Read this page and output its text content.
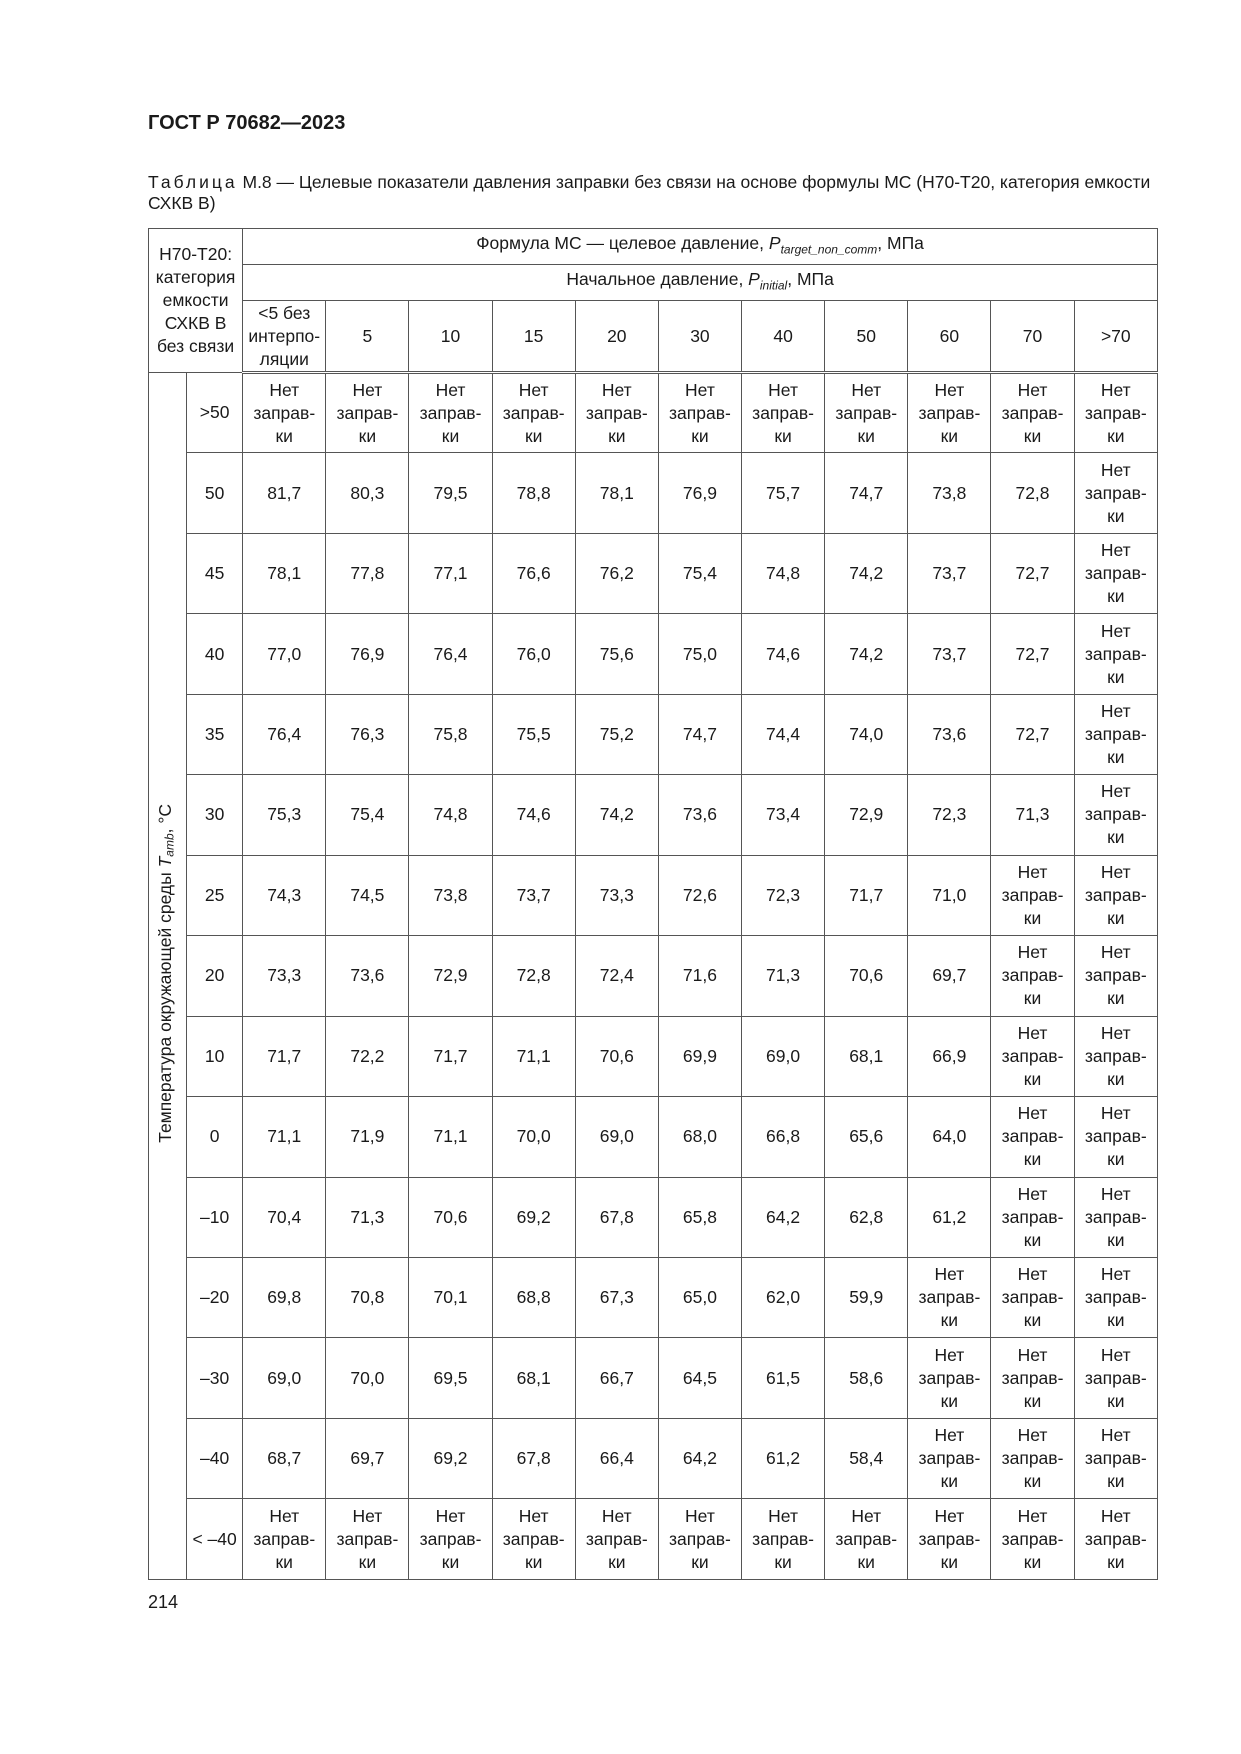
ГОСТ Р 70682—2023
Таблица М.8 — Целевые показатели давления заправки без связи на основе формулы МС (Н70-Т20, категория емкости СХКВ В)
Н70-Т20: категория емкости СХКВ В без связи		Формула МС — целевое давление, $P_{target\_non\_comm}$, МПа										
		Начальное давление, $P_{initial}$, МПа										
		<5 без интерпо-ляции	5	10	15	20	30	40	50	60	70	>70
Температура окружающей среды $T_{amb}$, °C	>50	Нет заправ-ки	Нет заправ-ки	Нет заправ-ки	Нет заправ-ки	Нет заправ-ки	Нет заправ-ки	Нет заправ-ки	Нет заправ-ки	Нет заправ-ки	Нет заправ-ки	Нет заправ-ки
	50	81,7	80,3	79,5	78,8	78,1	76,9	75,7	74,7	73,8	72,8	Нет заправ-ки
	45	78,1	77,8	77,1	76,6	76,2	75,4	74,8	74,2	73,7	72,7	Нет заправ-ки
	40	77,0	76,9	76,4	76,0	75,6	75,0	74,6	74,2	73,7	72,7	Нет заправ-ки
	35	76,4	76,3	75,8	75,5	75,2	74,7	74,4	74,0	73,6	72,7	Нет заправ-ки
	30	75,3	75,4	74,8	74,6	74,2	73,6	73,4	72,9	72,3	71,3	Нет заправ-ки
	25	74,3	74,5	73,8	73,7	73,3	72,6	72,3	71,7	71,0	Нет заправ-ки	Нет заправ-ки
	20	73,3	73,6	72,9	72,8	72,4	71,6	71,3	70,6	69,7	Нет заправ-ки	Нет заправ-ки
	10	71,7	72,2	71,7	71,1	70,6	69,9	69,0	68,1	66,9	Нет заправ-ки	Нет заправ-ки
	0	71,1	71,9	71,1	70,0	69,0	68,0	66,8	65,6	64,0	Нет заправ-ки	Нет заправ-ки
	–10	70,4	71,3	70,6	69,2	67,8	65,8	64,2	62,8	61,2	Нет заправ-ки	Нет заправ-ки
	–20	69,8	70,8	70,1	68,8	67,3	65,0	62,0	59,9	Нет заправ-ки	Нет заправ-ки	Нет заправ-ки
	–30	69,0	70,0	69,5	68,1	66,7	64,5	61,5	58,6	Нет заправ-ки	Нет заправ-ки	Нет заправ-ки
	–40	68,7	69,7	69,2	67,8	66,4	64,2	61,2	58,4	Нет заправ-ки	Нет заправ-ки	Нет заправ-ки
	< –40	Нет заправ-ки	Нет заправ-ки	Нет заправ-ки	Нет заправ-ки	Нет заправ-ки	Нет заправ-ки	Нет заправ-ки	Нет заправ-ки	Нет заправ-ки	Нет заправ-ки	Нет заправ-ки
214
